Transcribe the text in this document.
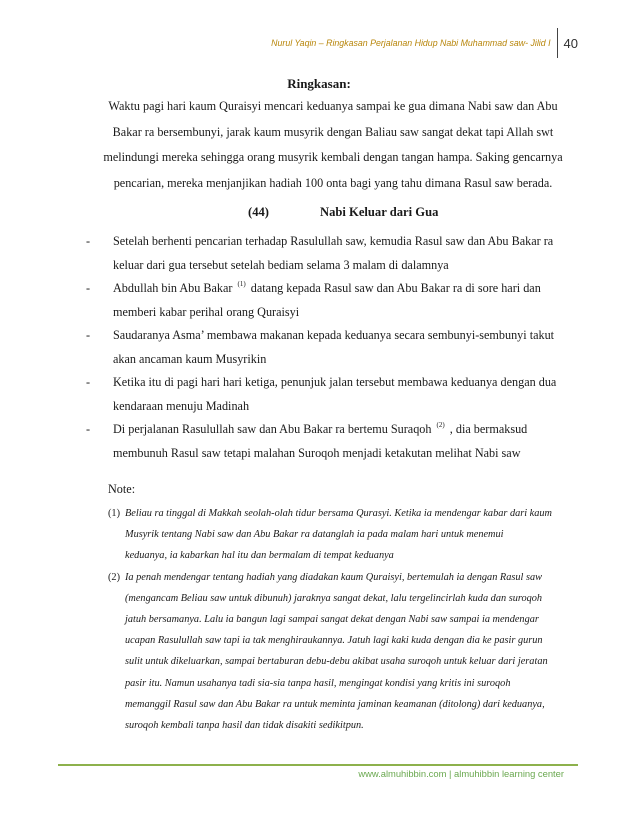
Nurul Yaqin – Ringkasan Perjalanan Hidup Nabi Muhammad saw- Jilid I 40
Ringkasan:
Waktu pagi hari kaum Quraisyi mencari keduanya sampai ke gua dimana Nabi saw dan Abu
Bakar ra bersembunyi, jarak kaum musyrik dengan Baliau saw sangat dekat tapi Allah swt
melindungi mereka sehingga orang musyrik kembali dengan tangan hampa. Saking gencarnya
pencarian, mereka menjanjikan hadiah 100 onta bagi yang tahu dimana Rasul saw berada.
(44)	Nabi Keluar dari Gua
- Setelah berhenti pencarian terhadap Rasulullah saw, kemudia Rasul saw dan Abu Bakar ra
keluar dari gua tersebut setelah bediam selama 3 malam di dalamnya
- Abdullah bin Abu Bakar $^{(1)}$ datang kepada Rasul saw dan Abu Bakar ra di sore hari dan
memberi kabar perihal orang Quraisyi
- Saudaranya Asma’ membawa makanan kepada keduanya secara sembunyi-sembunyi takut
akan ancaman kaum Musyrikin
- Ketika itu di pagi hari hari ketiga, penunjuk jalan tersebut membawa keduanya dengan dua
kendaraan menuju Madinah
- Di perjalanan Rasulullah saw dan Abu Bakar ra bertemu Suraqoh $^{(2)}$ , dia bermaksud
membunuh Rasul saw tetapi malahan Suroqoh menjadi ketakutan melihat Nabi saw
Note:
(1) Beliau ra tinggal di Makkah seolah-olah tidur bersama Qurasyi. Ketika ia mendengar kabar dari kaum
Musyrik tentang Nabi saw dan Abu Bakar ra datanglah ia pada malam hari untuk menemui
keduanya, ia kabarkan hal itu dan bermalam di tempat keduanya
(2) Ia penah mendengar tentang hadiah yang diadakan kaum Quraisyi, bertemulah ia dengan Rasul saw
(mengancam Beliau saw untuk dibunuh) jaraknya sangat dekat, lalu tergelincirlah kuda dan suroqoh
jatuh bersamanya. Lalu ia bangun lagi sampai sangat dekat dengan Nabi saw sampai ia mendengar
ucapan Rasulullah saw tapi ia tak menghiraukannya. Jatuh lagi kaki kuda dengan dia ke pasir gurun
sulit untuk dikeluarkan, sampai bertaburan debu-debu akibat usaha suroqoh untuk keluar dari jeratan
pasir itu. Namun usahanya tadi sia-sia tanpa hasil, mengingat kondisi yang kritis ini suroqoh
memanggil Rasul saw dan Abu Bakar ra untuk meminta jaminan keamanan (ditolong) dari keduanya,
suroqoh kembali tanpa hasil dan tidak disakiti sedikitpun.
www.almuhibbin.com | almuhibbin learning center
